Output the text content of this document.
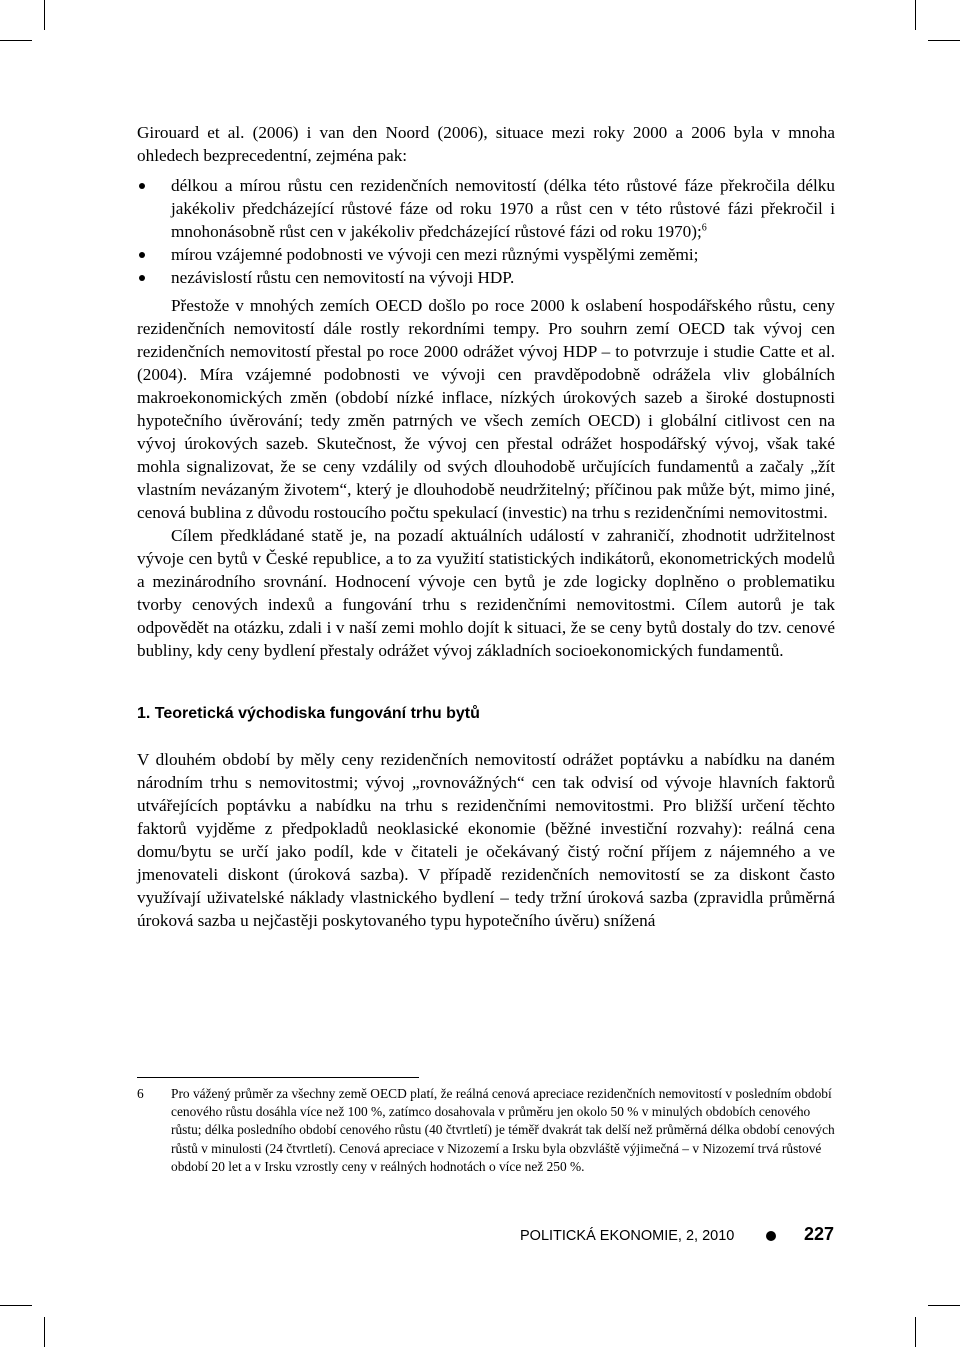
Girouard et al. (2006) i van den Noord (2006), situace mezi roky 2000 a 2006 byla v mnoha ohledech bezprecedentní, zejména pak:

délkou a mírou růstu cen rezidenčních nemovitostí (délka této růstové fáze překročila délku jakékoliv předcházející růstové fáze od roku 1970 a růst cen v této růstové fázi překročil i mnohonásobně růst cen v jakékoliv předcházející růstové fázi od roku 1970);$^6$
mírou vzájemné podobnosti ve vývoji cen mezi různými vyspělými zeměmi;
nezávislostí růstu cen nemovitostí na vývoji HDP.

Přestože v mnohých zemích OECD došlo po roce 2000 k oslabení hospodářského růstu, ceny rezidenčních nemovitostí dále rostly rekordními tempy. Pro souhrn zemí OECD tak vývoj cen rezidenčních nemovitostí přestal po roce 2000 odrážet vývoj HDP – to potvrzuje i studie Catte et al. (2004). Míra vzájemné podobnosti ve vývoji cen pravděpodobně odrážela vliv globálních makroekonomických změn (období nízké inflace, nízkých úrokových sazeb a široké dostupnosti hypotečního úvěrování; tedy změn patrných ve všech zemích OECD) i globální citlivost cen na vývoj úrokových sazeb. Skutečnost, že vývoj cen přestal odrážet hospodářský vývoj, však také mohla signalizovat, že se ceny vzdálily od svých dlouhodobě určujících fundamentů a začaly „žít vlastním nevázaným životem“, který je dlouhodobě neudržitelný; příčinou pak může být, mimo jiné, cenová bublina z důvodu rostoucího počtu spekulací (investic) na trhu s rezidenčními nemovitostmi.

Cílem předkládané statě je, na pozadí aktuálních událostí v zahraničí, zhodnotit udržitelnost vývoje cen bytů v České republice, a to za využití statistických indikátorů, ekonometrických modelů a mezinárodního srovnání. Hodnocení vývoje cen bytů je zde logicky doplněno o problematiku tvorby cenových indexů a fungování trhu s rezidenčními nemovitostmi. Cílem autorů je tak odpovědět na otázku, zdali i v naší zemi mohlo dojít k situaci, že se ceny bytů dostaly do tzv. cenové bubliny, kdy ceny bydlení přestaly odrážet vývoj základních socioekonomických fundamentů.

1. Teoretická východiska fungování trhu bytů

V dlouhém období by měly ceny rezidenčních nemovitostí odrážet poptávku a nabídku na daném národním trhu s nemovitostmi; vývoj „rovnovážných“ cen tak odvisí od vývoje hlavních faktorů utvářejících poptávku a nabídku na trhu s rezidenčními nemovitostmi. Pro bližší určení těchto faktorů vyjděme z předpokladů neoklasické ekonomie (běžné investiční rozvahy): reálná cena domu/bytu se určí jako podíl, kde v čitateli je očekávaný čistý roční příjem z nájemného a ve jmenovateli diskont (úroková sazba). V případě rezidenčních nemovitostí se za diskont často využívají uživatelské náklady vlastnického bydlení – tedy tržní úroková sazba (zpravidla průměrná úroková sazba u nejčastěji poskytovaného typu hypotečního úvěru) snížená

6 Pro vážený průměr za všechny země OECD platí, že reálná cenová apreciace rezidenčních nemovitostí v posledním období cenového růstu dosáhla více než 100 %, zatímco dosahovala v průměru jen okolo 50 % v minulých obdobích cenového růstu; délka posledního období cenového růstu (40 čtvrtletí) je téměř dvakrát tak delší než průměrná délka období cenových růstů v minulosti (24 čtvrtletí). Cenová apreciace v Nizozemí a Irsku byla obzvláště výjimečná – v Nizozemí trvá růstové období 20 let a v Irsku vzrostly ceny v reálných hodnotách o více než 250 %.
POLITICKÁ EKONOMIE, 2, 2010	227
